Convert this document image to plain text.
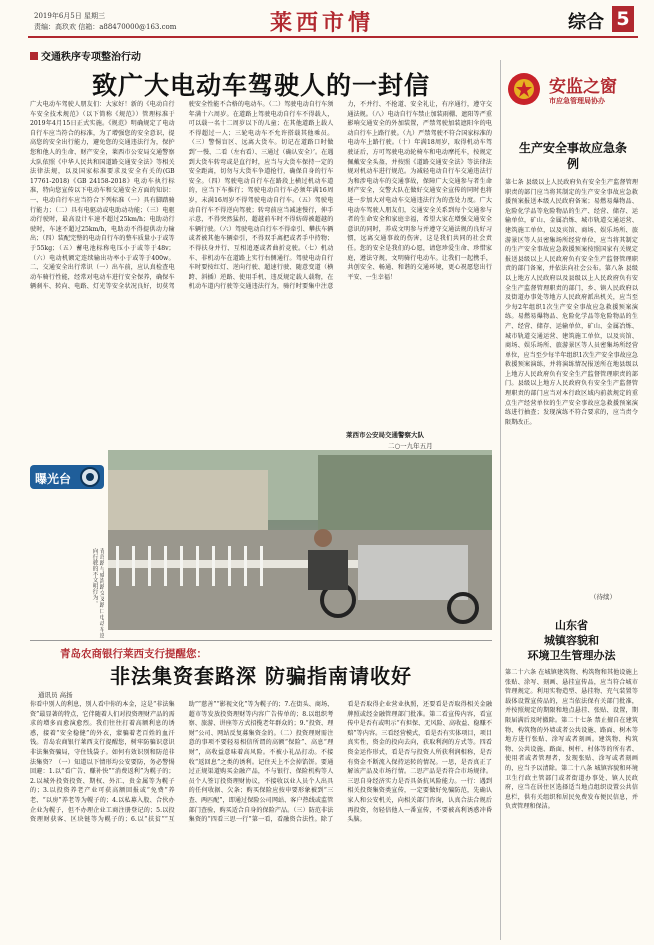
2019年6月5日 星期三
责编：高玖欢 信箱：a88470000@163.com	莱西市情	综合 5
交通秩序专项整治行动
致广大电动车驾驶人的一封信
广大电动车驾驶人朋友们：大家好！新的《电动自行车安全技术规范》（以下简称《规范》）管理标准于2019年4月15日正式实施。《规范》明确规定了电动自行车应当符合的标准，为了增强您的安全意识，提高您的安全出行能力，避免您的交通违法行为，保护您和他人的生命、财产安全，莱西市公安局交通警察大队依照《中华人民共和国道路交通安全法》等相关法律法规，以及国家标准要求及安全有关的(GB 17761-2018)《GB 24158-2018》电动车执行标准，特向您宣传以下电动车和交通安全方面的知识：一、电动自行车应当符合下列标准（一）具有脚踏骑行能力；（二）具有电驱动或电助动功能；（三）电驱动行驶时，最高设计车速不超过25km/h；电助动行驶时，车速不超过25km/h，电助动不得提供动力输出；（四）装配完整的电动自行车的整车质量小于或等于55kg；（五）蓄电池标称电压小于或等于48v；（六）电动机额定连续输出功率小于或等于400w。二、交通安全出行常识（一）出车前，应认真检查电动车骑行性能，经常对电动车进行安全保养，确保车辆刹车、转向、电路、灯光等安全状况良好，切莫驾驶安全性能不合格的电动车。（二）驾驶电动自行车须年满十六周岁。在道路上驾驶电动自行车不得载人，可以载一名十二周岁以下的儿童；在其他道路上载人不得超过一人；三轮电动车不允许搭载其他乘员。（三）警惕盲区、远离大货车。切记在道路口时做到‘一慢、二看（左右看）、三通过（确认安全）’。在遇到大货车转弯或是直行时，应当与大货车保持一定的安全距离，切勿与大货车争道抢行，确保自身的行车安全。（四）驾驶电动自行车在路段上横过机动车道的，应当下车推行；驾驶电动自行车必须年满16周岁，未满16周岁不得驾驶电动自行车。（五）驾驶电动自行车不得逆向驾驶；转弯前应当减速慢行，伸手示意，不得突然猛拐，超越前车时不得妨碍被超越的车辆行驶。（六）驾驶电动自行车不得牵引、攀扶车辆或者被其他车辆牵引，不得双手离把或者手中持物；不得扶身并行、互相追逐或者曲折竞驶。（七）机动车、非机动车在道路上实行右侧通行。驾驶电动自行车时要按红灯、逆向行驶、超速行驶、随意变道（横跨、斜插）逆路、使用手机、违反规定载人载物，在机动车道内行驶等交通违法行为，骑行时要集中注意力，不并行、不抢道、安全礼让，有序通行，遵守交通法规。（八）电动自行车禁止加装雨棚、遮阳等严重影响交通安全的外加装置，严禁驾驶加装遮阳伞的电动自行车上路行驶。（九）严禁驾驶不符合国家标准的电动车上路行驶。（十）年满18周岁，取得机动车驾驶证后，方可驾驶电动轮椅车和电动摩托车，按规定佩戴安全头盔，并按照《道路交通安全法》等法律法规对机动车进行规范。为减轻电动自行车交通违法行为和涉电动车的交通事故，保障广大交通参与者生命财产安全，交警大队在做好交通安全宣传的同时也将进一步加大对电动车交通违法行为的查处力度。广大电动车驾驶人朋友们，交通安全关系到每个交通参与者的生命安全和家庭幸福，希望大家在增强交通安全意识的同时，养成文明参与并遵守交通法规的良好习惯，远离交通事故的伤害，这是我们共同的社会责任。您的安全是我们的心愿，请您珍爱生命、珍惜家庭，遵法守规，文明骑行电动车。让我们一起携手，共创安全、畅通、和谐的交通环境，更心祝愿您出行平安、一生幸福！
莱西市公安局交通警察大队
二○一九年五月
曝光台
青岛路与威海路交叉路口电动车逆向行驶的不文明行为。
安监之窗
市应急管理局协办
生产安全事故应急条例
第七条 县级以上人民政府负有安全生产监督管理职责的部门应当将其制定的生产安全事故应急救援预案报送本级人民政府备案；易燃易爆物品、危险化学品等危险物品的生产、经营、储存、运输单位，矿山、金属冶炼、城市轨道交通运营、建筑施工单位，以及宾馆、商场、娱乐场所、旅游景区等人员密集场所经营单位，应当将其制定的生产安全事故应急救援预案按照国家有关规定报送县级以上人民政府负有安全生产监督管理职责的部门备案，并依法向社会公布。第八条 县级以上地方人民政府以及县级以上人民政府负有安全生产监督管理职责的部门，乡、镇人民政府以及街道办事处等地方人民政府派出机关，应当至少每2年组织1次生产安全事故应急救援预案演练。易燃易爆物品、危险化学品等危险物品的生产、经营、储存、运输单位，矿山、金属冶炼、城市轨道交通运营、建筑施工单位，以及宾馆、商场、娱乐场所、旅游景区等人员密集场所经营单位，应当至少每半年组织1次生产安全事故应急救援预案演练，并将演练情况报送所在地县级以上地方人民政府负有安全生产监督管理职责的部门。县级以上地方人民政府负有安全生产监督管理职责的部门应当对本行政区域内前款规定的重点生产经营单位的生产安全事故应急救援预案演练进行抽查；发现演练不符合要求的，应当责令限期改正。
（待续）
山东省
城镇容貌和
环境卫生管理办法
第二十六条 在城镇建筑物、构筑物和其他设施上张贴、涂写、刻画、悬挂宣传品，应当符合城市管理规定。利用实物造型、悬挂物、充气装置等载体设置宣传品的，应当依法保有关部门批准，并按照规定的期限和地点悬挂、张贴、设置，期限届满后及时撤除。第二十七条 禁止擅自在建筑物、构筑物的外墙或者公共设施、路面、树木等地方进行张贴、涂写或者刻画。建筑物、构筑物、公共设施、路面、树杆、村体等的所有者、使用者或者管理者，发现张贴、涂写或者刻画的，应当予以清除。第二十八条 城镇容貌和环境卫生行政主管部门或者街道办事处、镇人民政府，应当在居住区选择适当地点组织设置公共信息栏，供有关组织和居民免费发布便民信息，并负责管理和保洁。
青岛农商银行莱西支行提醒您：
非法集资套路深 防骗指南请收好
通讯员 高扬
你看中别人的利息，别人看中你的本金，这是“非法集资”最显著的特点，它伴随着人们对投资理财产品的需求的增多而愈演愈烈。我们往往打着高额利息的诱惑，接着“安全稳健”的外衣，蒙骗着老百姓的血汗钱。青岛农商银行莱西支行提醒您，树牢防骗识意识非法集资骗局，守住钱袋子。如何有效识别和防范非法集资？（一）知道以下情形均公安要防，务必警惕回避：1.以“看广告、赚补快”“消费返利”为幌子的；2.以城外投资投资、期权、外汇、贵金属等为幌子的；3.以投资养老产业可获高额回报或“免费”养老、“以房”养老等为幌子的；4.以私募入股、合伙办企业为幌子，但不办理企业工商注册登记的；5.以投资理财获客、区块链等为幌子的；6.以“扶贫”“互助”“慈善”“影视文化”等为幌子的；7.在街头、商场、超市等发放投资理财等内容广告传单的；8.以组织考察、旅游、讲座等方式招揽老年群众的；9.“投资、理财”公司、网站反复募集资金的。（二）投资理财需注意的事项不要轻易相信所谓的高额“保险”、高息“理财”，高收益意味着高风险。不被小礼品打动。不接收“返回息”之类的诱利。记住天上不会掉馅饼。要通过正规渠道购买金融产品，不与银行、保险机构等人员个人签订投资理财协议，不接收以业人员个人出具的任何收据、欠条；购买保险应按申要形象被到“三查、两匹配”，即通过保险公司网站、客户热线或监管部门查验，购买适合自身的保险产品。（三）防范非法集资的“四看三思一行”第一看，看融资合法性。除了看是否取得企业营业执照，还要看是否取得相关金融牌照或经金融管理部门批准。第二看宣传内容，看宣传中是否有或明示“有担保、无风险、高收益、稳赚不赔”等内容。三看经营模式，看是否有实体项目，项目真实性，资金的投向去向，获取利润的方式等。四看资金运作形式，看是否与投资人所获利润相称，是否有资金不断流入保持运转的情况。一思，是否真正了解该产品及市场行情。二思产品是否符合市场规律。三思自身经济实力是否具备抗风险能力。一行：遇到相关投资集资类宣传，一定要做好免骗防范，先确认家人和公安机关，向相关部门咨询，认真合法合规后再投资，勿轻信他人一番宣传，不要被高利诱惑冲昏头脑。
